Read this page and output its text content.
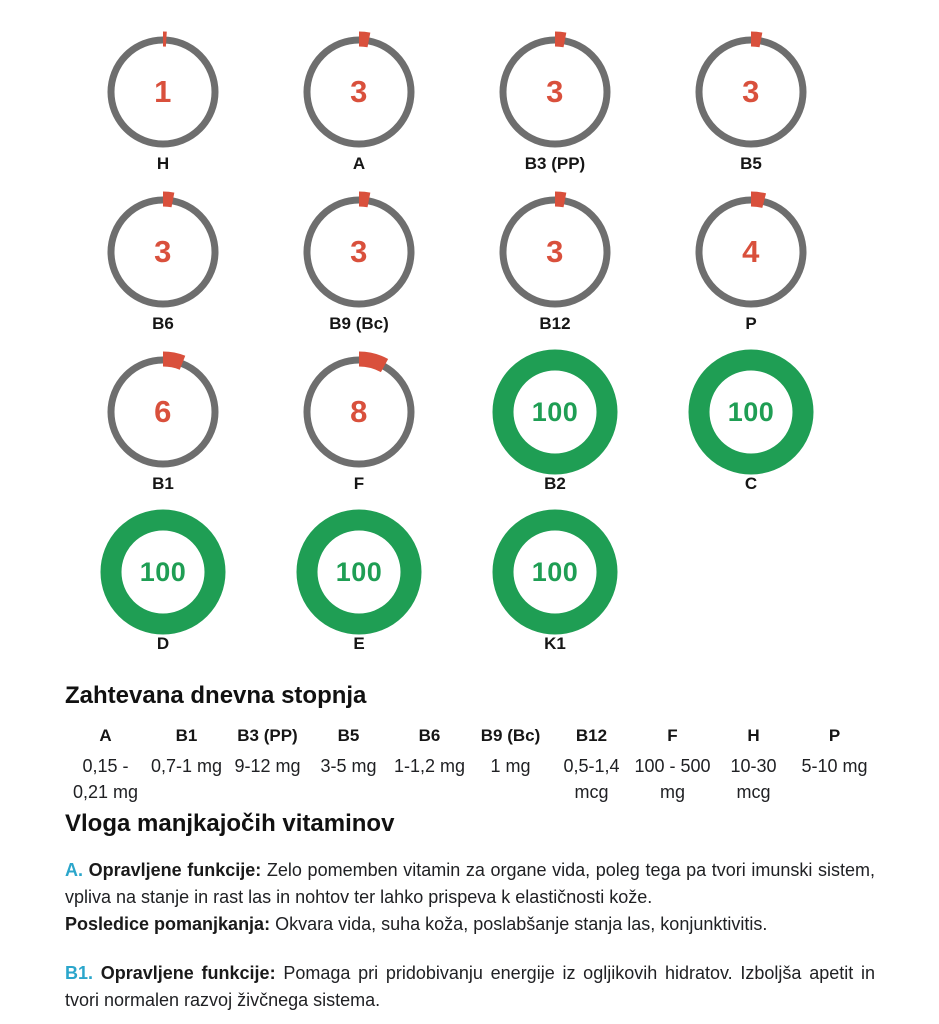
1
H
3
A
3
B3 (PP)
3
B5
3
B6
3
B9 (Bc)
3
B12
4
P
6
B1
8
F
100
B2
100
C
100
D
100
E
100
K1
Zahtevana dnevna stopnja
A
0,15 - 0,21 mg
B1
0,7-1 mg
B3 (PP)
9-12 mg
B5
3-5 mg
B6
1-1,2 mg
B9 (Bc)
1 mg
B12
0,5-1,4 mcg
F
100 - 500 mg
H
10-30 mcg
P
5-10 mg
Vloga manjkajočih vitaminov
A. Opravljene funkcije: Zelo pomemben vitamin za organe vida, poleg tega pa tvori imunski sistem, vpliva na stanje in rast las in nohtov ter lahko prispeva k elastičnosti kože.
Posledice pomanjkanja: Okvara vida, suha koža, poslabšanje stanja las, konjunktivitis.
B1. Opravljene funkcije: Pomaga pri pridobivanju energije iz ogljikovih hidratov. Izboljša apetit in tvori normalen razvoj živčnega sistema.
